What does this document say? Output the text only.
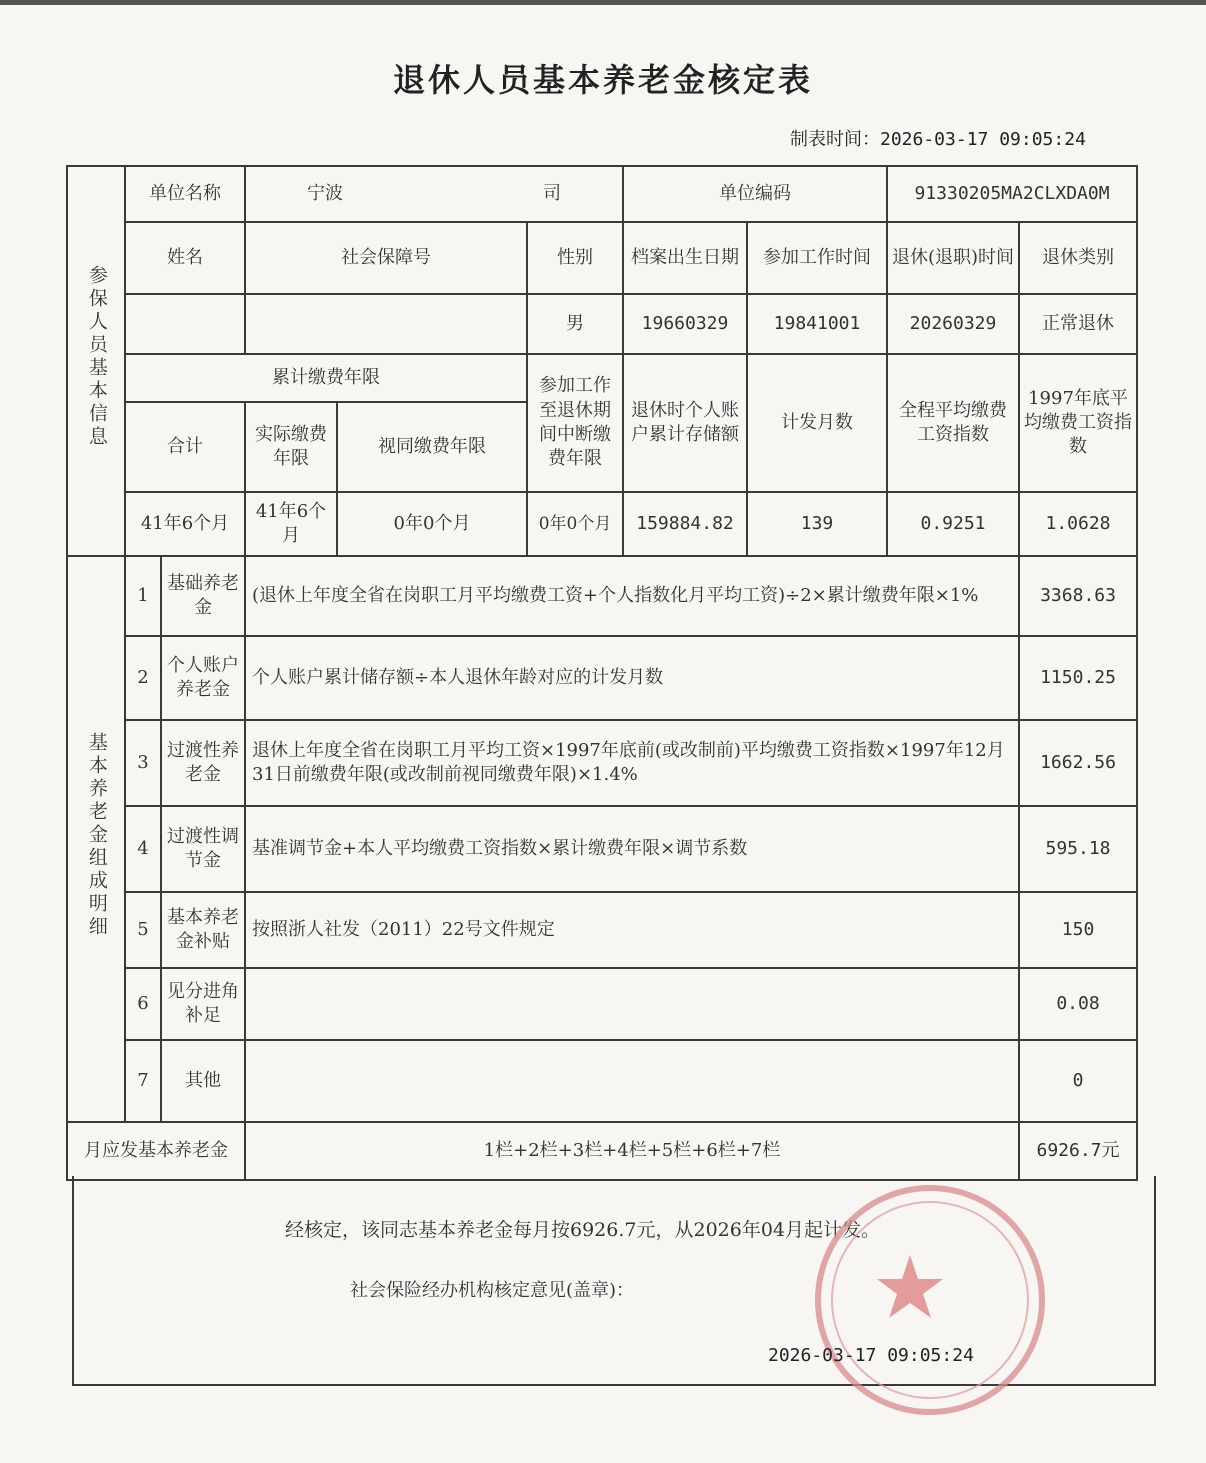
退休人员基本养老金核定表
制表时间：2026-03-17 09:05:24
参保人员基本信息	单位名称		宁波 司			单位编码		91330205MA2CLXDA0M	
	姓名		社会保障号		性别	档案出生日期	参加工作时间	退休(退职)时间	退休类别
					男	19660329	19841001	20260329	正常退休
	累计缴费年限				参加工作至退休期间中断缴费年限	退休时个人账户累计存储额	计发月数	全程平均缴费工资指数	1997年底平均缴费工资指数
	合计		实际缴费年限	视同缴费年限					
	41年6个月		41年6个月	0年0个月	0年0个月	159884.82	139	0.9251	1.0628
基本养老金组成明细	1	基础养老金	(退休上年度全省在岗职工月平均缴费工资+个人指数化月平均工资)÷2×累计缴费年限×1%						3368.63
	2	个人账户养老金	个人账户累计储存额÷本人退休年龄对应的计发月数						1150.25
	3	过渡性养老金	退休上年度全省在岗职工月平均工资×1997年底前(或改制前)平均缴费工资指数×1997年12月31日前缴费年限(或改制前视同缴费年限)×1.4%						1662.56
	4	过渡性调节金	基准调节金+本人平均缴费工资指数×累计缴费年限×调节系数						595.18
	5	基本养老金补贴	按照浙人社发（2011）22号文件规定						150
	6	见分进角补足							0.08
	7	其他							0
月应发基本养老金			1栏+2栏+3栏+4栏+5栏+6栏+7栏						6926.7元
经核定，该同志基本养老金每月按6926.7元，从2026年04月起计发。
社会保险经办机构核定意见(盖章)：
2026-03-17 09:05:24
